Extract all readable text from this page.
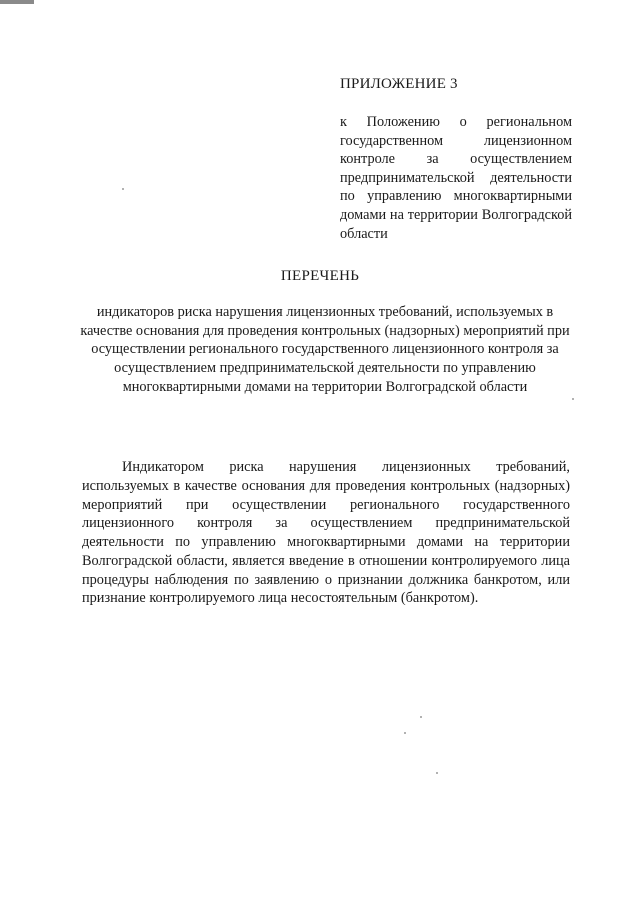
ПРИЛОЖЕНИЕ 3
к Положению о региональном государственном лицензионном контроле за осуществлением предпринимательской деятельности по управлению многоквартирными домами на территории Волгоградской области
ПЕРЕЧЕНЬ
индикаторов риска нарушения лицензионных требований, используемых в качестве основания для проведения контрольных (надзорных) мероприятий при осуществлении регионального государственного лицензионного контроля за осуществлением предпринимательской деятельности по управлению многоквартирными домами на территории Волгоградской области
Индикатором риска нарушения лицензионных требований, используемых в качестве основания для проведения контрольных (надзорных) мероприятий при осуществлении регионального государственного лицензионного контроля за осуществлением предпринимательской деятельности по управлению многоквартирными домами на территории Волгоградской области, является введение в отношении контролируемого лица процедуры наблюдения по заявлению о признании должника банкротом, или признание контролируемого лица несостоятельным (банкротом).
